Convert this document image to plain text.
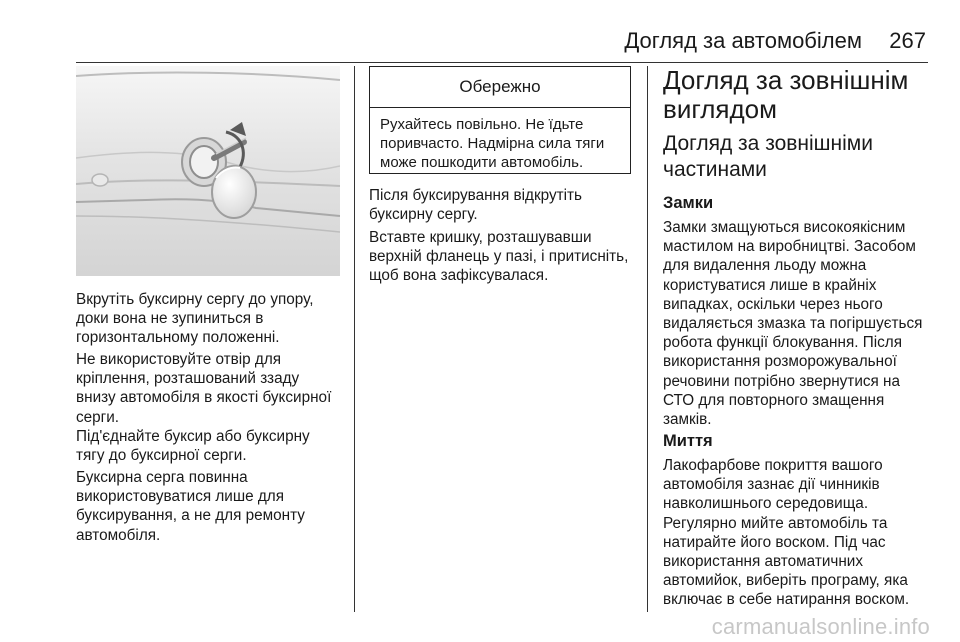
Догляд за автомобілем 267

Вкрутіть буксирну сергу до упору, доки вона не зупиниться в горизонтальному положенні.

Не використовуйте отвір для кріплення, розташований ззаду внизу автомобіля в якості буксирної серги.

Під'єднайте буксир або буксирну тягу до буксирної серги.

Буксирна серга повинна використовуватися лише для буксирування, а не для ремонту автомобіля.

Обережно
Рухайтесь повільно. Не їдьте поривчасто. Надмірна сила тяги може пошкодити автомобіль.

Після буксирування відкрутіть буксирну сергу.

Вставте кришку, розташувавши верхній фланець у пазі, і притисніть, щоб вона зафіксувалася.

Догляд за зовнішнім виглядом
Догляд за зовнішніми частинами
Замки

Замки змащуються високоякісним мастилом на виробництві. Засобом для видалення льоду можна користуватися лише в крайніх випадках, оскільки через нього видаляється змазка та погіршується робота функції блокування. Після використання розморожувальної речовини потрібно звернутися на СТО для повторного змащення замків.

Миття

Лакофарбове покриття вашого автомобіля зазнає дії чинників навколишнього середовища. Регулярно мийте автомобіль та натирайте його воском. Під час використання автоматичних автомийок, виберіть програму, яка включає в себе натирання воском.

carmanualsonline.info
